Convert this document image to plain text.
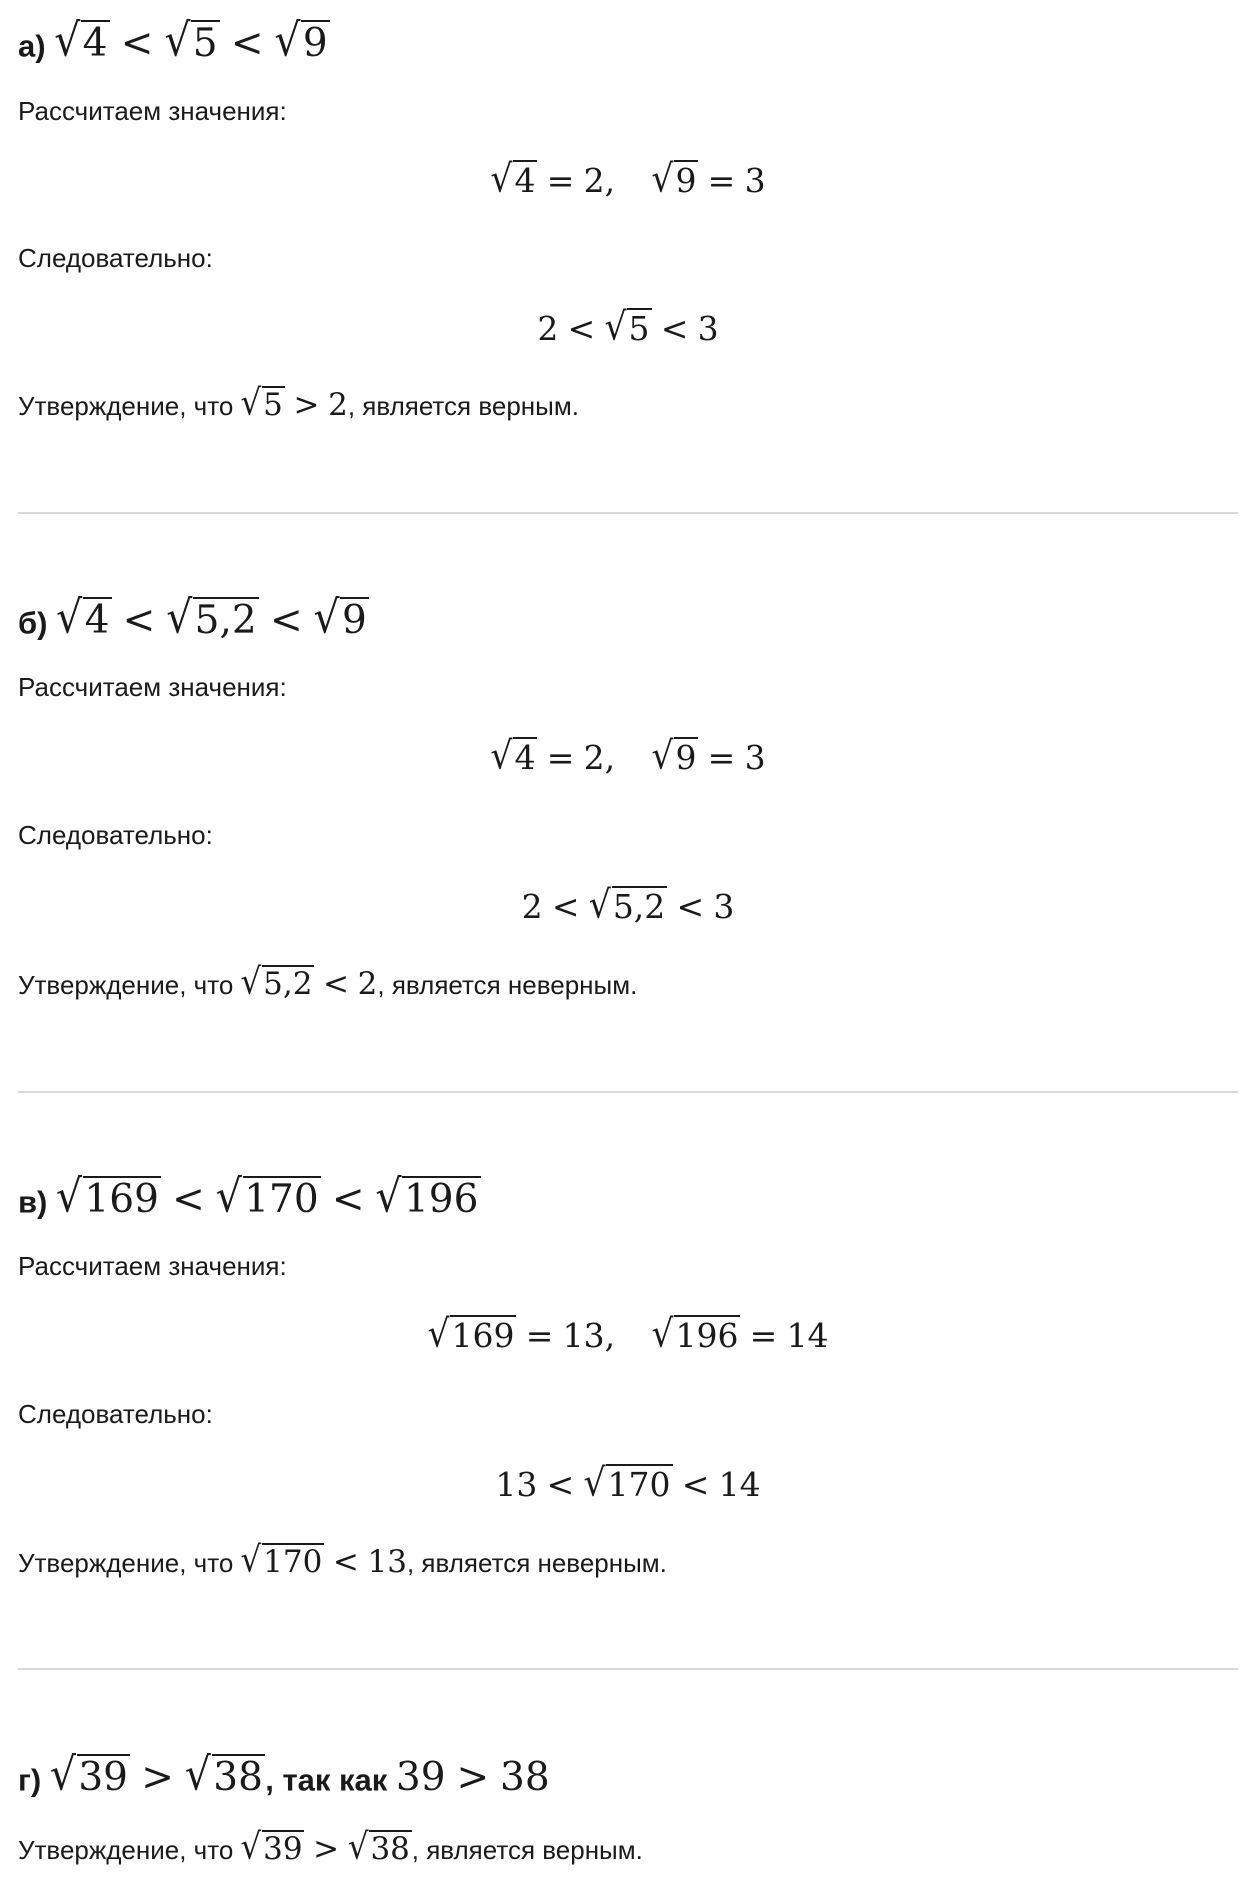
а) √4 < √5 < √9
Рассчитаем значения:
√4 = 2, √9 = 3
Следовательно:
2 < √5 < 3
Утверждение, что √5 > 2, является верным.
б) √4 < √5,2 < √9
Рассчитаем значения:
√4 = 2, √9 = 3
Следовательно:
2 < √5,2 < 3
Утверждение, что √5,2 < 2, является неверным.
в) √169 < √170 < √196
Рассчитаем значения:
√169 = 13, √196 = 14
Следовательно:
13 < √170 < 14
Утверждение, что √170 < 13, является неверным.
г) √39 > √38, так как 39 > 38
Утверждение, что √39 > √38, является верным.
